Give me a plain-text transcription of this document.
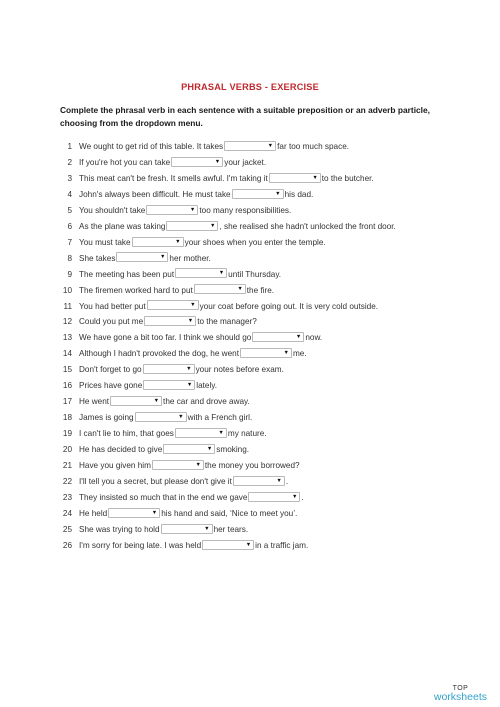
PHRASAL VERBS - EXERCISE
Complete the phrasal verb in each sentence with a suitable preposition or an adverb particle, choosing from the dropdown menu.
1 We ought to get rid of this table. It takes	▼ far too much space.
2 If you're hot you can take	▼ your jacket.
3 This meat can't be fresh. It smells awful. I'm taking it	▼ to the butcher.
4 John's always been difficult. He must take	▼ his dad.
5 You shouldn't take	▼ too many responsibilities.
6 As the plane was taking	▼ , she realised she hadn't unlocked the front door.
7 You must take	▼ your shoes when you enter the temple.
8 She takes	▼ her mother.
9 The meeting has been put	▼ until Thursday.
10 The firemen worked hard to put	▼ the fire.
11 You had better put	▼ your coat before going out. It is very cold outside.
12 Could you put me	▼ to the manager?
13 We have gone a bit too far. I think we should go	▼ now.
14 Although I hadn't provoked the dog, he went	▼ me.
15 Don't forget to go	▼ your notes before exam.
16 Prices have gone	▼ lately.
17 He went	▼ the car and drove away.
18 James is going	▼ with a French girl.
19 I can't lie to him, that goes	▼ my nature.
20 He has decided to give	▼ smoking.
21 Have you given him	▼ the money you borrowed?
22 I'll tell you a secret, but please don't give it	▼ .
23 They insisted so much that in the end we gave	▼ .
24 He held	▼ his hand and said, ‘Nice to meet you’.
25 She was trying to hold	▼ her tears.
26 I'm sorry for being late. I was held	▼ in a traffic jam.
TOP
worksheets
